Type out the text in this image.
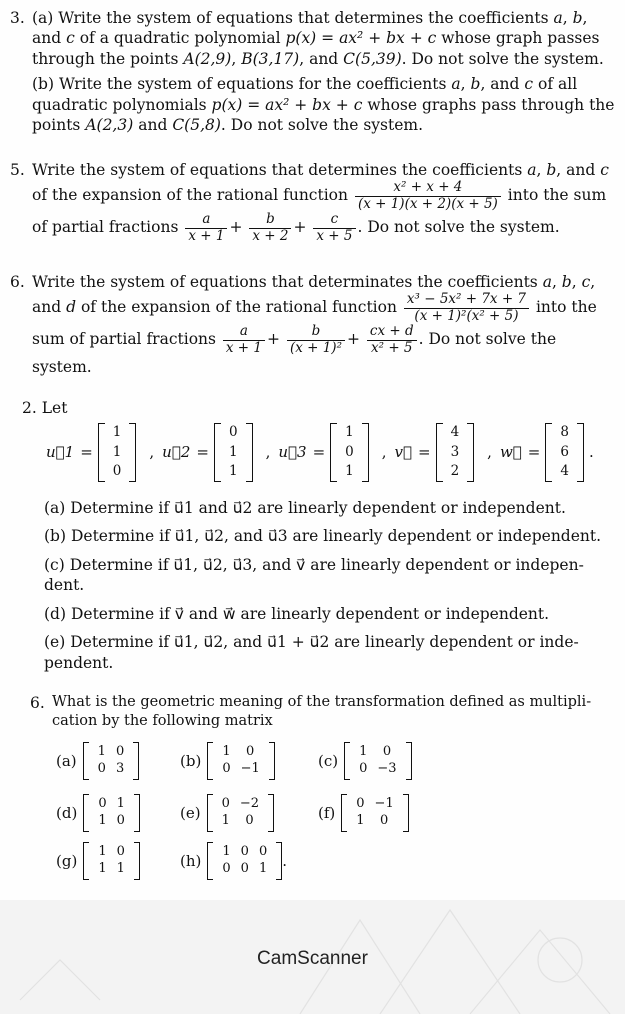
3. (a) Write the system of equations that determines the coefficients a, b, and c of a quadratic polynomial p(x) = ax² + bx + c whose graph passes through the points A(2,9), B(3,17), and C(5,39). Do not solve the system.
(b) Write the system of equations for the coefficients a, b, and c of all quadratic polynomials p(x) = ax² + bx + c whose graphs pass through the points A(2,3) and C(5,8). Do not solve the system.
5. Write the system of equations that determines the coefficients a, b, and c of the expansion of the rational function $\frac{\text{x² + x + 4}}{(x + 1)(x + 2)(x + 5)}$ into the sum of partial fractions $\frac{a}{x + 1} + \frac{b}{x + 2} + \frac{c}{x + 5}$ . Do not solve the system.
6. Write the system of equations that determinates the coefficients a, b, c, and d of the expansion of the rational function $\frac{\text{x³ − 5x² + 7x + 7}}{\text{(x + 1)²(x² + 5)}}$ into the sum of partial fractions $\frac{a}{x + 1} + \frac{b}{\text{(x + 1)²}} + \frac{cx + d}{\text{x² + 5}}$ . Do not solve the system.
2. Let
u⃗1 =
1
1
0
, u⃗2 =
0
1
1
, u⃗3 =
1
0
1
, v⃗ =
4
3
2
, w⃗ =
8
6
4
.
(a) Determine if u⃗1 and u⃗2 are linearly dependent or independent.
(b) Determine if u⃗1, u⃗2, and u⃗3 are linearly dependent or independent.
(c) Determine if u⃗1, u⃗2, u⃗3, and v⃗ are linearly dependent or indepen-dent.
(d) Determine if v⃗ and w⃗ are linearly dependent or independent.
(e) Determine if u⃗1, u⃗2, and u⃗1 + u⃗2 are linearly dependent or inde-pendent.
6. What is the geometric meaning of the transformation defined as multipli-cation by the following matrix
(a)
1	0
0	3	(b)
1	0
0	−1	(c)
1	0
0	−3
(d)
0	1
1	0	(e)
0	−2
1	0	(f)
0	−1
1	0
(g)
1	0
1	1	(h)
1	0	0
0	0	1 .
CamScanner
